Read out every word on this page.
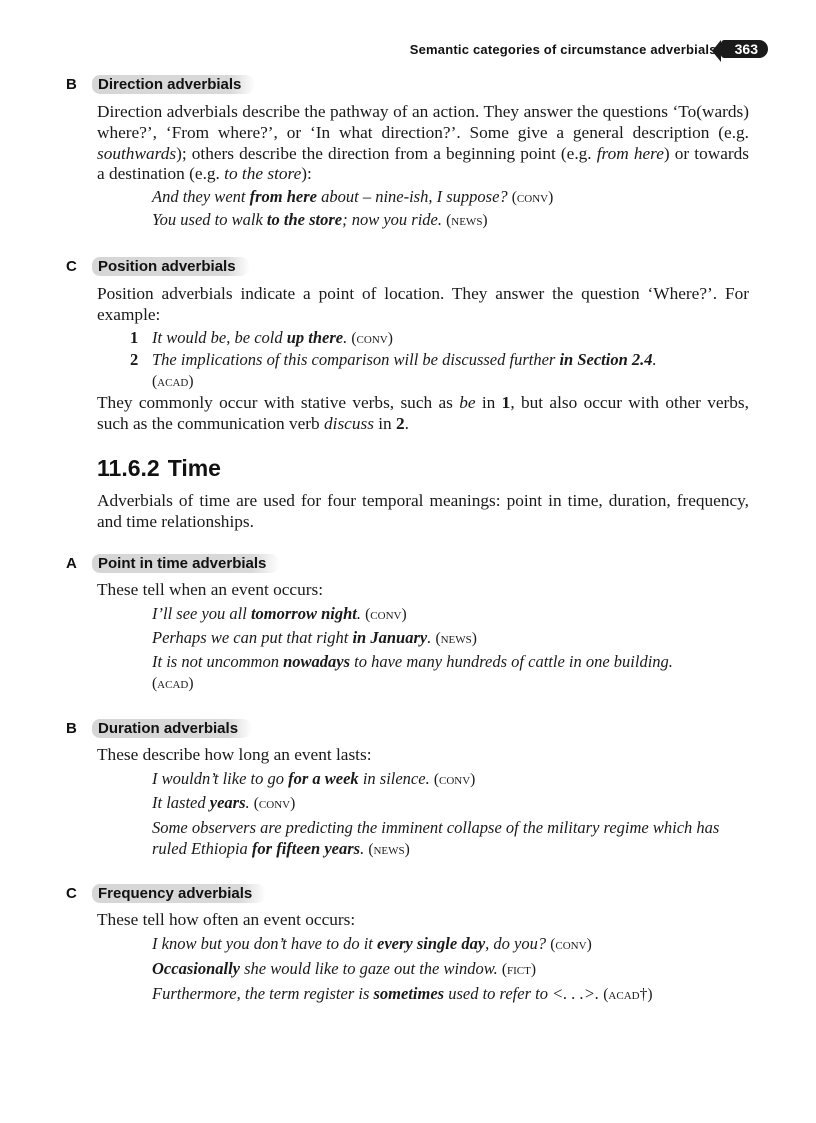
Semantic categories of circumstance adverbials	363
B	Direction adverbials
Direction adverbials describe the pathway of an action. They answer the questions ‘To(wards) where?’, ‘From where?’, or ‘In what direction?’. Some give a general description (e.g. southwards); others describe the direction from a beginning point (e.g. from here) or towards a destination (e.g. to the store):
And they went from here about – nine-ish, I suppose? (conv)
You used to walk to the store; now you ride. (news)
C	Position adverbials
Position adverbials indicate a point of location. They answer the question ‘Where?’. For example:
1 It would be, be cold up there. (conv)
2 The implications of this comparison will be discussed further in Section 2.4.
(acad)
They commonly occur with stative verbs, such as be in 1, but also occur with other verbs, such as the communication verb discuss in 2.
11.6.2 Time
Adverbials of time are used for four temporal meanings: point in time, duration, frequency, and time relationships.
A	Point in time adverbials
These tell when an event occurs:
I’ll see you all tomorrow night. (conv)
Perhaps we can put that right in January. (news)
It is not uncommon nowadays to have many hundreds of cattle in one building. (acad)
B	Duration adverbials
These describe how long an event lasts:
I wouldn’t like to go for a week in silence. (conv)
It lasted years. (conv)
Some observers are predicting the imminent collapse of the military regime which has ruled Ethiopia for fifteen years. (news)
C	Frequency adverbials
These tell how often an event occurs:
I know but you don’t have to do it every single day, do you? (conv)
Occasionally she would like to gaze out the window. (fict)
Furthermore, the term register is sometimes used to refer to <. . .>. (acad†)
